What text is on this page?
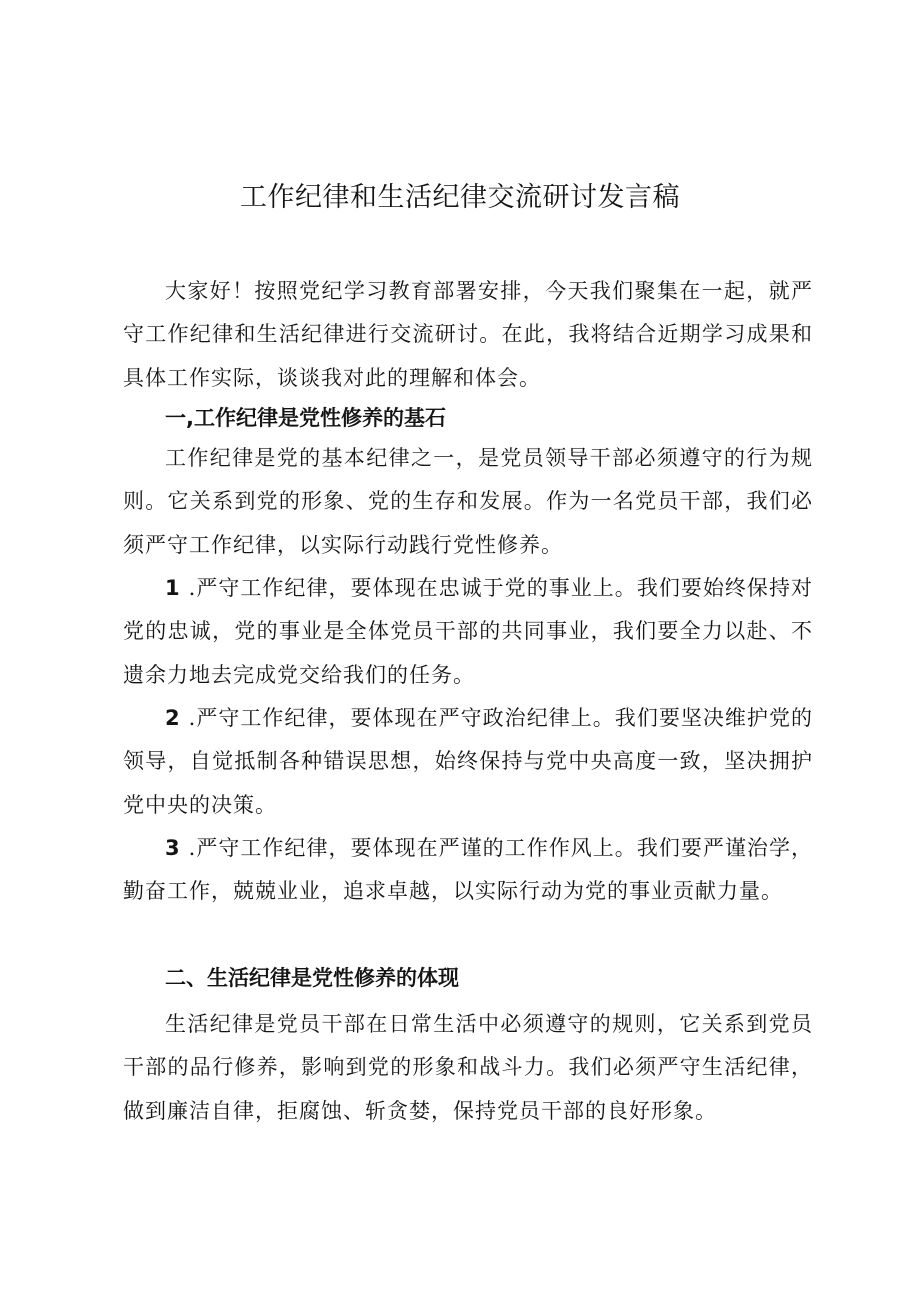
工作纪律和生活纪律交流研讨发言稿

大家好！按照党纪学习教育部署安排，今天我们聚集在一起，就严守工作纪律和生活纪律进行交流研讨。在此，我将结合近期学习成果和具体工作实际，谈谈我对此的理解和体会。

一,工作纪律是党性修养的基石

工作纪律是党的基本纪律之一，是党员领导干部必须遵守的行为规则。它关系到党的形象、党的生存和发展。作为一名党员干部，我们必须严守工作纪律，以实际行动践行党性修养。

1 .严守工作纪律，要体现在忠诚于党的事业上。我们要始终保持对党的忠诚，党的事业是全体党员干部的共同事业，我们要全力以赴、不遗余力地去完成党交给我们的任务。

2 .严守工作纪律，要体现在严守政治纪律上。我们要坚决维护党的领导，自觉抵制各种错误思想，始终保持与党中央高度一致，坚决拥护党中央的决策。

3 .严守工作纪律，要体现在严谨的工作作风上。我们要严谨治学，勤奋工作，兢兢业业，追求卓越，以实际行动为党的事业贡献力量。

二、生活纪律是党性修养的体现

生活纪律是党员干部在日常生活中必须遵守的规则，它关系到党员干部的品行修养，影响到党的形象和战斗力。我们必须严守生活纪律，做到廉洁自律，拒腐蚀、斩贪婪，保持党员干部的良好形象。
